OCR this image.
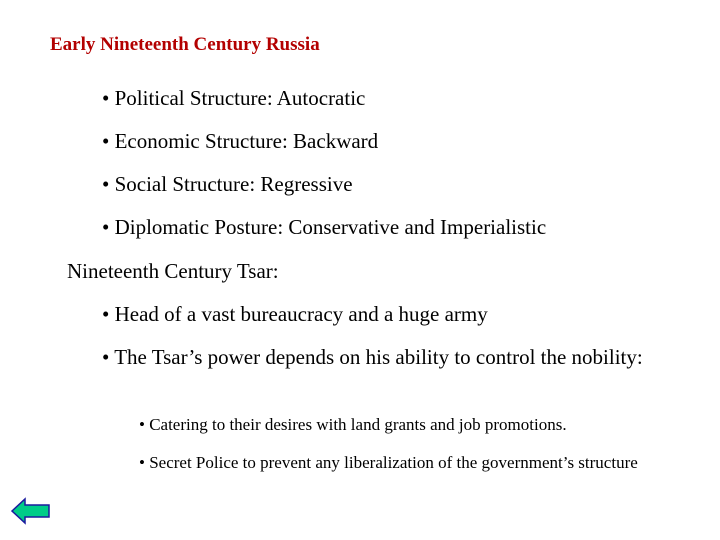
Early Nineteenth Century Russia
• Political Structure: Autocratic
• Economic Structure: Backward
• Social Structure: Regressive
• Diplomatic Posture: Conservative and Imperialistic
Nineteenth Century Tsar:
• Head of a vast bureaucracy and a huge army
• The Tsar’s power depends on his ability to control the nobility:
• Catering to their desires with land grants and job promotions.
• Secret Police to prevent any liberalization of the government’s structure
